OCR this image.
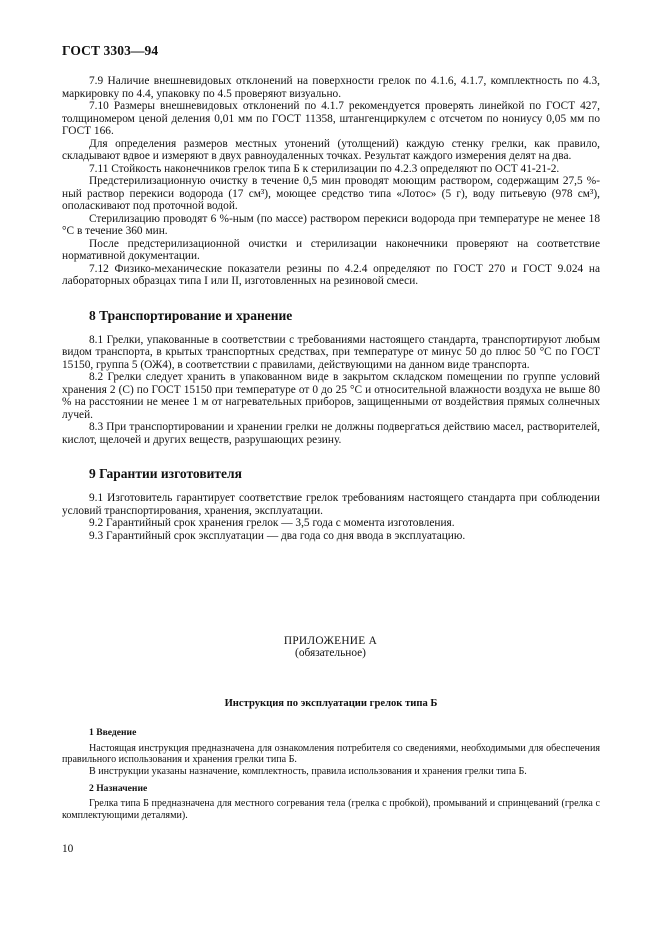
ГОСТ 3303—94

7.9 Наличие внешневидовых отклонений на поверхности грелок по 4.1.6, 4.1.7, комплектность по 4.3, маркировку по 4.4, упаковку по 4.5 проверяют визуально.

7.10 Размеры внешневидовых отклонений по 4.1.7 рекомендуется проверять линейкой по ГОСТ 427, толщиномером ценой деления 0,01 мм по ГОСТ 11358, штангенциркулем с отсчетом по нониусу 0,05 мм по ГОСТ 166.

Для определения размеров местных утонений (утолщений) каждую стенку грелки, как правило, складывают вдвое и измеряют в двух равноудаленных точках. Результат каждого измерения делят на два.

7.11 Стойкость наконечников грелок типа Б к стерилизации по 4.2.3 определяют по ОСТ 41-21-2.

Предстерилизационную очистку в течение 0,5 мин проводят моющим раствором, содержащим 27,5 %-ный раствор перекиси водорода (17 см³), моющее средство типа «Лотос» (5 г), воду питьевую (978 см³), ополаскивают под проточной водой.

Стерилизацию проводят 6 %-ным (по массе) раствором перекиси водорода при температуре не менее 18 °С в течение 360 мин.

После предстерилизационной очистки и стерилизации наконечники проверяют на соответствие нормативной документации.

7.12 Физико-механические показатели резины по 4.2.4 определяют по ГОСТ 270 и ГОСТ 9.024 на лабораторных образцах типа I или II, изготовленных на резиновой смеси.

8 Транспортирование и хранение

8.1 Грелки, упакованные в соответствии с требованиями настоящего стандарта, транспортируют любым видом транспорта, в крытых транспортных средствах, при температуре от минус 50 до плюс 50 °С по ГОСТ 15150, группа 5 (ОЖ4), в соответствии с правилами, действующими на данном виде транспорта.

8.2 Грелки следует хранить в упакованном виде в закрытом складском помещении по группе условий хранения 2 (С) по ГОСТ 15150 при температуре от 0 до 25 °С и относительной влажности воздуха не выше 80 % на расстоянии не менее 1 м от нагревательных приборов, защищенными от воздействия прямых солнечных лучей.

8.3 При транспортировании и хранении грелки не должны подвергаться действию масел, растворителей, кислот, щелочей и других веществ, разрушающих резину.

9 Гарантии изготовителя

9.1 Изготовитель гарантирует соответствие грелок требованиям настоящего стандарта при соблюдении условий транспортирования, хранения, эксплуатации.

9.2 Гарантийный срок хранения грелок — 3,5 года с момента изготовления.

9.3 Гарантийный срок эксплуатации — два года со дня ввода в эксплуатацию.

ПРИЛОЖЕНИЕ А
(обязательное)
Инструкция по эксплуатации грелок типа Б
1 Введение

Настоящая инструкция предназначена для ознакомления потребителя со сведениями, необходимыми для обеспечения правильного использования и хранения грелки типа Б.

В инструкции указаны назначение, комплектность, правила использования и хранения грелки типа Б.

2 Назначение

Грелка типа Б предназначена для местного согревания тела (грелка с пробкой), промываний и спринцеваний (грелка с комплектующими деталями).

10
